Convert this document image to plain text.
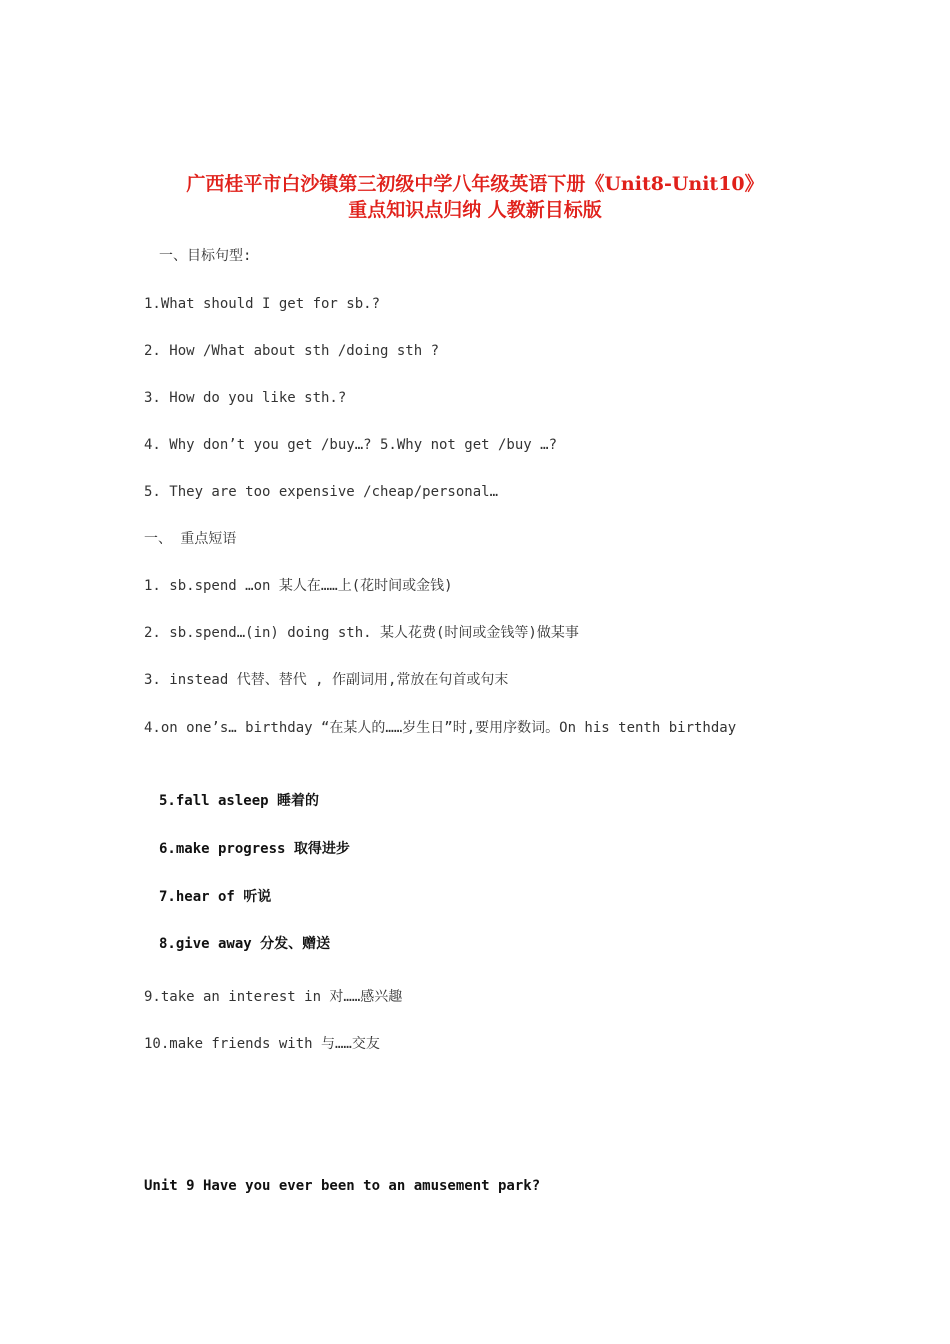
广西桂平市白沙镇第三初级中学八年级英语下册《Unit8-Unit10》
重点知识点归纳 人教新目标版
一、目标句型:
1.What should I get for sb.?
2. How /What about sth /doing sth ?
3. How do you like sth.?
4. Why don’t you get /buy…? 5.Why not get /buy …?
5. They are too expensive /cheap/personal…
一、 重点短语
1. sb.spend …on 某人在……上(花时间或金钱)
2. sb.spend…(in) doing sth. 某人花费(时间或金钱等)做某事
3. instead 代替、替代 , 作副词用,常放在句首或句末
4.on one’s… birthday “在某人的……岁生日”时,要用序数词。On his tenth birthday
5.fall asleep 睡着的
6.make progress 取得进步
7.hear of 听说
8.give away 分发、赠送
9.take an interest in 对……感兴趣
10.make friends with 与……交友
Unit 9 Have you ever been to an amusement park?
